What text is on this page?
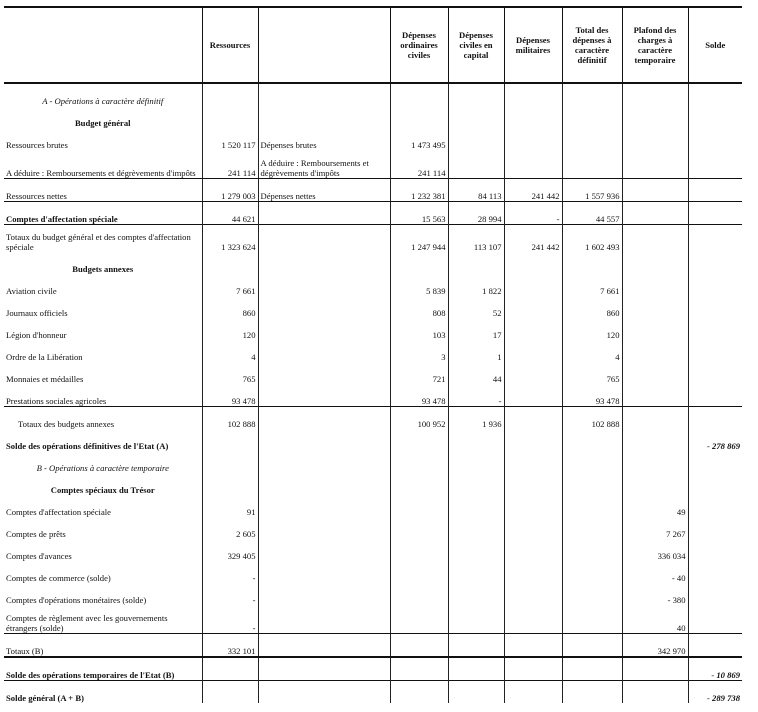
	Ressources		Dépenses ordinaires civiles	Dépenses civiles en capital	Dépenses militaires	Total des dépenses à caractère définitif	Plafond des charges à caractère temporaire	Solde
A - Opérations à caractère définitif								
Budget général								
Ressources brutes	1 520 117	Dépenses brutes	1 473 495					
A déduire : Remboursements et dégrèvements d'impôts	241 114	A déduire : Remboursements et dégrèvements d'impôts	241 114					
Ressources nettes	1 279 003	Dépenses nettes	1 232 381	84 113	241 442	1 557 936		
Comptes d'affectation spéciale	44 621		15 563	28 994	-	44 557		
Totaux du budget général et des comptes d'affectation spéciale	1 323 624		1 247 944	113 107	241 442	1 602 493		
Budgets annexes								
Aviation civile	7 661		5 839	1 822		7 661		
Journaux officiels	860		808	52		860		
Légion d'honneur	120		103	17		120		
Ordre de la Libération	4		3	1		4		
Monnaies et médailles	765		721	44		765		
Prestations sociales agricoles	93 478		93 478	-		93 478		
Totaux des budgets annexes	102 888		100 952	1 936		102 888		
Solde des opérations définitives de l'Etat (A)								- 278 869
B - Opérations à caractère temporaire								
Comptes spéciaux du Trésor								
Comptes d'affectation spéciale	91						49	
Comptes de prêts	2 605						7 267	
Comptes d'avances	329 405						336 034	
Comptes de commerce (solde)	-						- 40	
Comptes d'opérations monétaires (solde)	-						- 380	
Comptes de règlement avec les gouvernements étrangers (solde)	-						40	
Totaux (B)	332 101						342 970	
Solde des opérations temporaires de l'Etat (B)								- 10 869
Solde général (A + B)								- 289 738
